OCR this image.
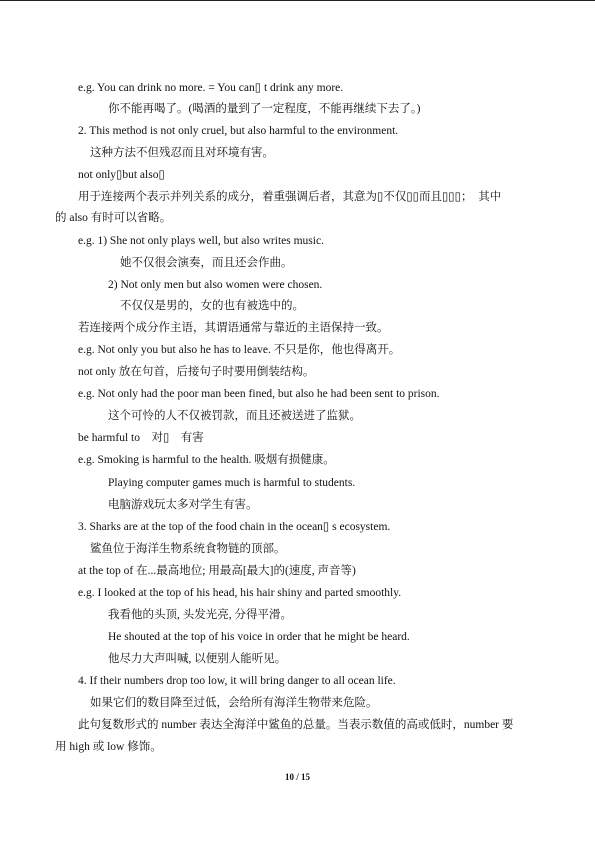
e.g. You can drink no more. = You can▯ t drink any more.
你不能再喝了。(喝酒的量到了一定程度，不能再继续下去了。)
2. This method is not only cruel, but also harmful to the environment.
这种方法不但残忍而且对环境有害。
not only▯but also▯
用于连接两个表示并列关系的成分，着重强调后者，其意为▯不仅▯▯而且▯▯▯；　其中
的 also 有时可以省略。
e.g. 1) She not only plays well, but also writes music.
她不仅很会演奏，而且还会作曲。
2) Not only men but also women were chosen.
不仅仅是男的，女的也有被选中的。
若连接两个成分作主语，其谓语通常与靠近的主语保持一致。
e.g. Not only you but also he has to leave. 不只是你，他也得离开。
not only 放在句首，后接句子时要用倒装结构。
e.g. Not only had the poor man been fined, but also he had been sent to prison.
这个可怜的人不仅被罚款，而且还被送进了监狱。
be harmful to　对▯　有害
e.g. Smoking is harmful to the health. 吸烟有损健康。
Playing computer games much is harmful to students.
电脑游戏玩太多对学生有害。
3. Sharks are at the top of the food chain in the ocean▯ s ecosystem.
鲨鱼位于海洋生物系统食物链的顶部。
at the top of 在...最高地位; 用最高[最大]的(速度, 声音等)
e.g. I looked at the top of his head, his hair shiny and parted smoothly.
我看他的头顶, 头发光亮, 分得平滑。
He shouted at the top of his voice in order that he might be heard.
他尽力大声叫喊, 以便别人能听见。
4. If their numbers drop too low, it will bring danger to all ocean life.
如果它们的数目降至过低，会给所有海洋生物带来危险。
此句复数形式的 number 表达全海洋中鲨鱼的总量。当表示数值的高或低时，number 要
用 high 或 low 修饰。
10 / 15
